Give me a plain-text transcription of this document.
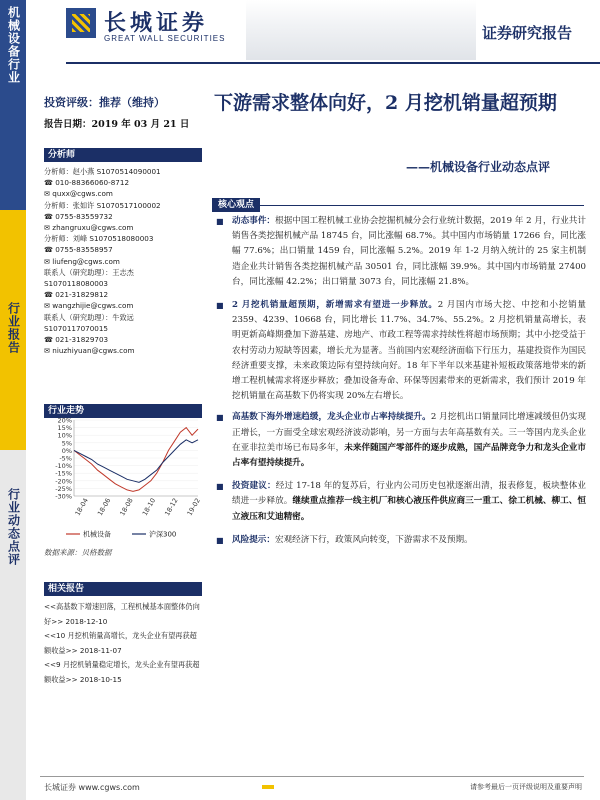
机械设备行业
行业报告
行业动态点评
长城证券
GREAT WALL SECURITIES	证券研究报告
投资评级：推荐（维持）
报告日期：2019 年 03 月 21 日
分析师
分析师：赵小燕 S1070514090001
☎ 010-88366060-8712
✉ quxx@cgws.com
分析师：张如许 S1070517100002
☎ 0755-83559732
✉ zhangruxu@cgws.com
分析师：刘峰 S1070518080003
☎ 0755-83558957
✉ liufeng@cgws.com
联系人（研究助理）：王志杰
S1070118080003
☎ 021-31829812
✉ wangzhijie@cgws.com
联系人（研究助理）：牛致远
S1070117070015
☎ 021-31829703
✉ niuzhiyuan@cgws.com
行业走势
20%
15%
10%
5%
0%
-5%
-10%
-15%
-20%
-25%
-30%
18-04 18-06 18-08 18-10 18-12 19-02
机械设备	沪深300
数据来源：贝格数据
相关报告
<<高基数下增速回落，工程机械基本面整体仍向好>> 2018-12-10
<<10 月挖机销量高增长，龙头企业有望再获超额收益>> 2018-11-07
<<9 月挖机销量稳定增长，龙头企业有望再获超额收益>> 2018-10-15
下游需求整体向好，2 月挖机销量超预期
——机械设备行业动态点评
核心观点
■ 动态事件：根据中国工程机械工业协会挖掘机械分会行业统计数据，2019 年 2 月，行业共计销售各类挖掘机械产品 18745 台，同比涨幅 68.7%。其中国内市场销量 17266 台，同比涨幅 77.6%；出口销量 1459 台，同比涨幅 5.2%。2019 年 1-2 月纳入统计的 25 家主机制造企业共计销售各类挖掘机械产品 30501 台，同比涨幅 39.9%。其中国内市场销量 27400 台，同比涨幅 42.2%；出口销量 3073 台，同比涨幅 21.8%。
■ 2 月挖机销量超预期，新增需求有望进一步释放。2 月国内市场大挖、中挖和小挖销量 2359、4239、10668 台，同比增长 11.7%、34.7%、55.2%。2 月挖机销量高增长，表明更新高峰期叠加下游基建、房地产、市政工程等需求持续性将超市场预期；其中小挖受益于农村劳动力短缺等因素，增长尤为显著。当前国内宏观经济面临下行压力，基建投资作为国民经济重要支撑，未来政策边际有望持续向好。18 年下半年以来基建补短板政策落地带来的新增工程机械需求将逐步释放；叠加设备寿命、环保等因素带来的更新需求，我们预计 2019 年挖机销量在高基数下仍将实现 20%左右增长。
■ 高基数下海外增速趋缓，龙头企业市占率持续提升。2 月挖机出口销量同比增速减缓但仍实现正增长，一方面受全球宏观经济波动影响，另一方面与去年高基数有关。三一等国内龙头企业在亚非拉美市场已布局多年，未来伴随国产零部件的逐步成熟，国产品牌竞争力和龙头企业市占率有望持续提升。
■ 投资建议：经过 17-18 年的复苏后，行业内公司历史包袱逐渐出清，报表修复，板块整体业绩进一步释放。继续重点推荐一线主机厂和核心液压件供应商三一重工、徐工机械、柳工、恒立液压和艾迪精密。
■ 风险提示：宏观经济下行，政策风向转变，下游需求不及预期。
长城证券 www.cgws.com	请参考最后一页评级说明及重要声明
